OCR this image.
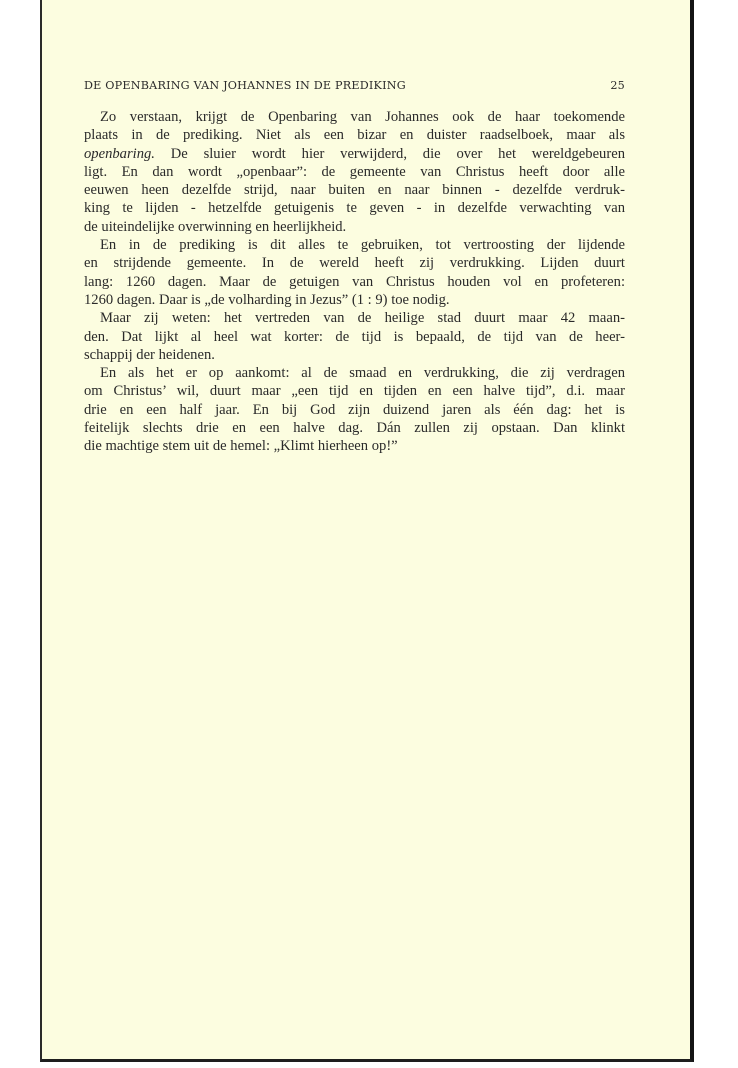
DE OPENBARING VAN JOHANNES IN DE PREDIKING	25
Zo verstaan, krijgt de Openbaring van Johannes ook de haar toekomende
plaats in de prediking. Niet als een bizar en duister raadselboek, maar als
openbaring. De sluier wordt hier verwijderd, die over het wereldgebeuren
ligt. En dan wordt „openbaar”: de gemeente van Christus heeft door alle
eeuwen heen dezelfde strijd, naar buiten en naar binnen - dezelfde verdruk-
king te lijden - hetzelfde getuigenis te geven - in dezelfde verwachting van
de uiteindelijke overwinning en heerlijkheid.
En in de prediking is dit alles te gebruiken, tot vertroosting der lijdende
en strijdende gemeente. In de wereld heeft zij verdrukking. Lijden duurt
lang: 1260 dagen. Maar de getuigen van Christus houden vol en profeteren:
1260 dagen. Daar is „de volharding in Jezus” (1 : 9) toe nodig.
Maar zij weten: het vertreden van de heilige stad duurt maar 42 maan-
den. Dat lijkt al heel wat korter: de tijd is bepaald, de tijd van de heer-
schappij der heidenen.
En als het er op aankomt: al de smaad en verdrukking, die zij verdragen
om Christus’ wil, duurt maar „een tijd en tijden en een halve tijd”, d.i. maar
drie en een half jaar. En bij God zijn duizend jaren als één dag: het is
feitelijk slechts drie en een halve dag. Dán zullen zij opstaan. Dan klinkt
die machtige stem uit de hemel: „Klimt hierheen op!”
